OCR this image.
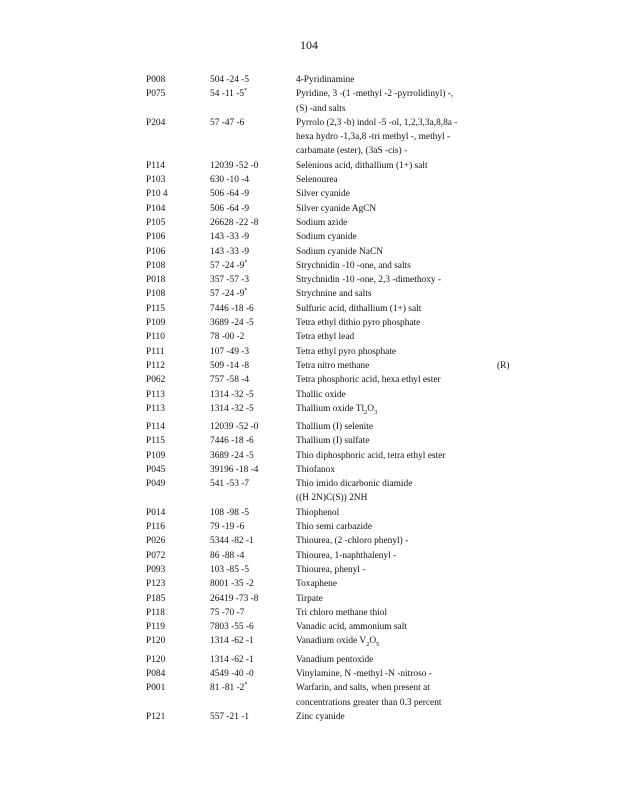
104
P008	504 -24 -5	4-Pyridinamine
P075	54 -11 -5*	Pyridine, 3 -(1 -methyl -2 -pyrrolidinyl) -,
(S) -and salts
P204	57 -47 -6	Pyrrolo (2,3 -b) indol -5 -ol, 1,2,3,3a,8,8a -
hexa hydro -1,3a,8 -tri methyl -, methyl -
carbamate (ester), (3aS -cis) -
P114	12039 -52 -0	Selenious acid, dithallium (1+) salt
P103	630 -10 -4	Selenourea
P10 4	506 -64 -9	Silver cyanide
P104	506 -64 -9	Silver cyanide AgCN
P105	26628 -22 -8	Sodium azide
P106	143 -33 -9	Sodium cyanide
P106	143 -33 -9	Sodium cyanide NaCN
P108	57 -24 -9*	Strychnidin -10 -one, and salts
P018	357 -57 -3	Strychnidin -10 -one, 2,3 -dimethoxy -
P108	57 -24 -9*	Strychnine and salts
P115	7446 -18 -6	Sulfuric acid, dithallium (1+) salt
P109	3689 -24 -5	Tetra ethyl dithio pyro phosphate
P110	78 -00 -2	Tetra ethyl lead
P111	107 -49 -3	Tetra ethyl pyro phosphate
P112	509 -14 -8	Tetra nitro methane	(R)
P062	757 -58 -4	Tetra phosphoric acid, hexa ethyl ester
P113	1314 -32 -5	Thallic oxide
P113	1314 -32 -5	Thallium oxide $Tl_2O_3$
P114	12039 -52 -0	Thallium (I) selenite
P115	7446 -18 -6	Thallium (I) sulfate
P109	3689 -24 -5	Thio diphosphoric acid, tetra ethyl ester
P045	39196 -18 -4	Thiofanox
P049	541 -53 -7	Thio imido dicarbonic diamide
((H 2N)C(S)) 2NH
P014	108 -98 -5	Thiophenol
P116	79 -19 -6	Thio semi carbazide
P026	5344 -82 -1	Thiourea, (2 -chloro phenyl) -
P072	86 -88 -4	Thiourea, 1-naphthalenyl -
P093	103 -85 -5	Thiourea, phenyl -
P123	8001 -35 -2	Toxaphene
P185	26419 -73 -8	Tirpate
P118	75 -70 -7	Tri chloro methane thiol
P119	7803 -55 -6	Vanadic acid, ammonium salt
P120	1314 -62 -1	Vanadium oxide $V_2O_5$
P120	1314 -62 -1	Vanadium pentoxide
P084	4549 -40 -0	Vinylamine, N -methyl -N -nitroso -
P001	81 -81 -2*	Warfarin, and salts, when present at
concentrations greater than 0.3 percent
P121	557 -21 -1	Zinc cyanide
